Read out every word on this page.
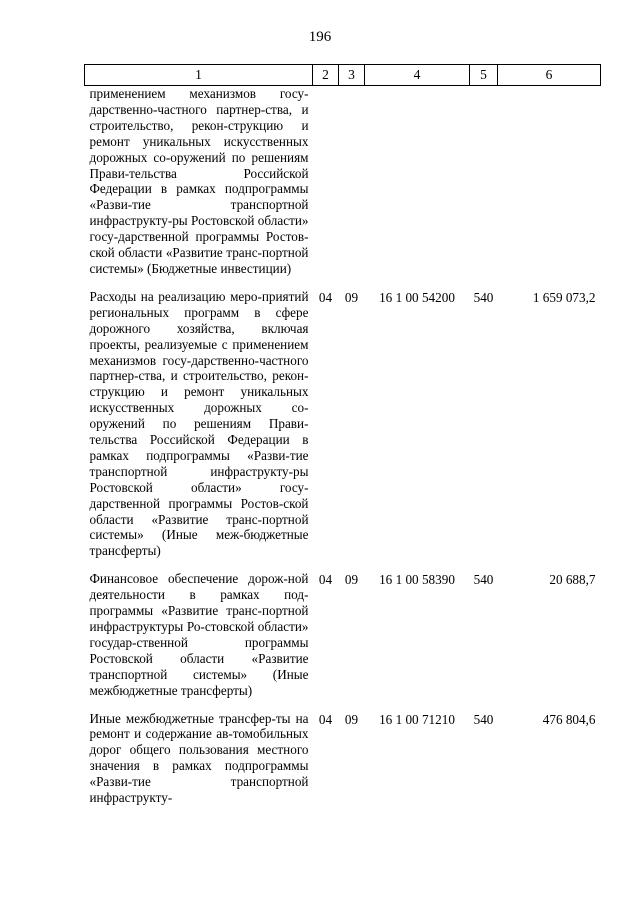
196
1	2	3	4	5	6
применением механизмов госу-дарственно-частного партнер-ства, и строительство, рекон-струкцию и ремонт уникальных искусственных дорожных со-оружений по решениям Прави-тельства Российской Федерации в рамках подпрограммы «Разви-тие транспортной инфраструкту-ры Ростовской области» госу-дарственной программы Ростов-ской области «Развитие транс-портной системы» (Бюджетные инвестиции)					

Расходы на реализацию меро-приятий региональных программ в сфере дорожного хозяйства, включая проекты, реализуемые с применением механизмов госу-дарственно-частного партнер-ства, и строительство, рекон-струкцию и ремонт уникальных искусственных дорожных со-оружений по решениям Прави-тельства Российской Федерации в рамках подпрограммы «Разви-тие транспортной инфраструкту-ры Ростовской области» госу-дарственной программы Ростов-ской области «Развитие транс-портной системы» (Иные меж-бюджетные трансферты)	04	09	16 1 00 54200	540	1 659 073,2

Финансовое обеспечение дорож-ной деятельности в рамках под-программы «Развитие транс-портной инфраструктуры Ро-стовской области» государ-ственной программы Ростовской области «Развитие транспортной системы» (Иные межбюджетные трансферты)	04	09	16 1 00 58390	540	20 688,7

Иные межбюджетные трансфер-ты на ремонт и содержание ав-томобильных дорог общего пользования местного значения в рамках подпрограммы «Разви-тие транспортной инфраструкту-	04	09	16 1 00 71210	540	476 804,6
